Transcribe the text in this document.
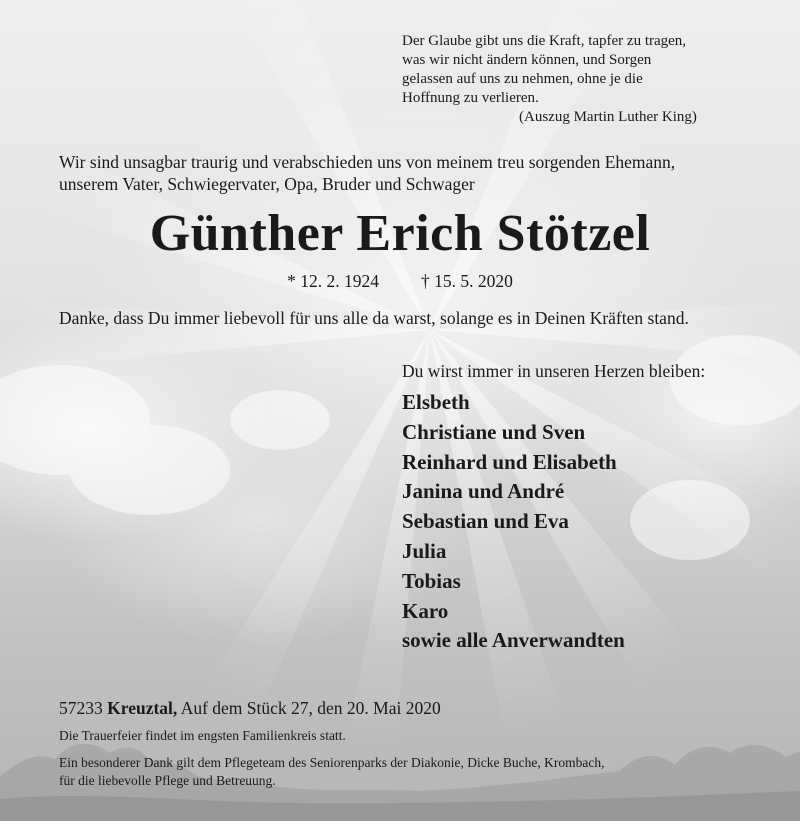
Der Glaube gibt uns die Kraft, tapfer zu tragen,
was wir nicht ändern können, und Sorgen
gelassen auf uns zu nehmen, ohne je die
Hoffnung zu verlieren.
(Auszug Martin Luther King)
Wir sind unsagbar traurig und verabschieden uns von meinem treu sorgenden Ehemann,
unserem Vater, Schwiegervater, Opa, Bruder und Schwager
Günther Erich Stötzel
* 12. 2. 1924 † 15. 5. 2020
Danke, dass Du immer liebevoll für uns alle da warst, solange es in Deinen Kräften stand.
Du wirst immer in unseren Herzen bleiben:
Elsbeth
Christiane und Sven
Reinhard und Elisabeth
Janina und André
Sebastian und Eva
Julia
Tobias
Karo
sowie alle Anverwandten
57233 Kreuztal, Auf dem Stück 27, den 20. Mai 2020
Die Trauerfeier findet im engsten Familienkreis statt.
Ein besonderer Dank gilt dem Pflegeteam des Seniorenparks der Diakonie, Dicke Buche, Krombach,
für die liebevolle Pflege und Betreuung.
